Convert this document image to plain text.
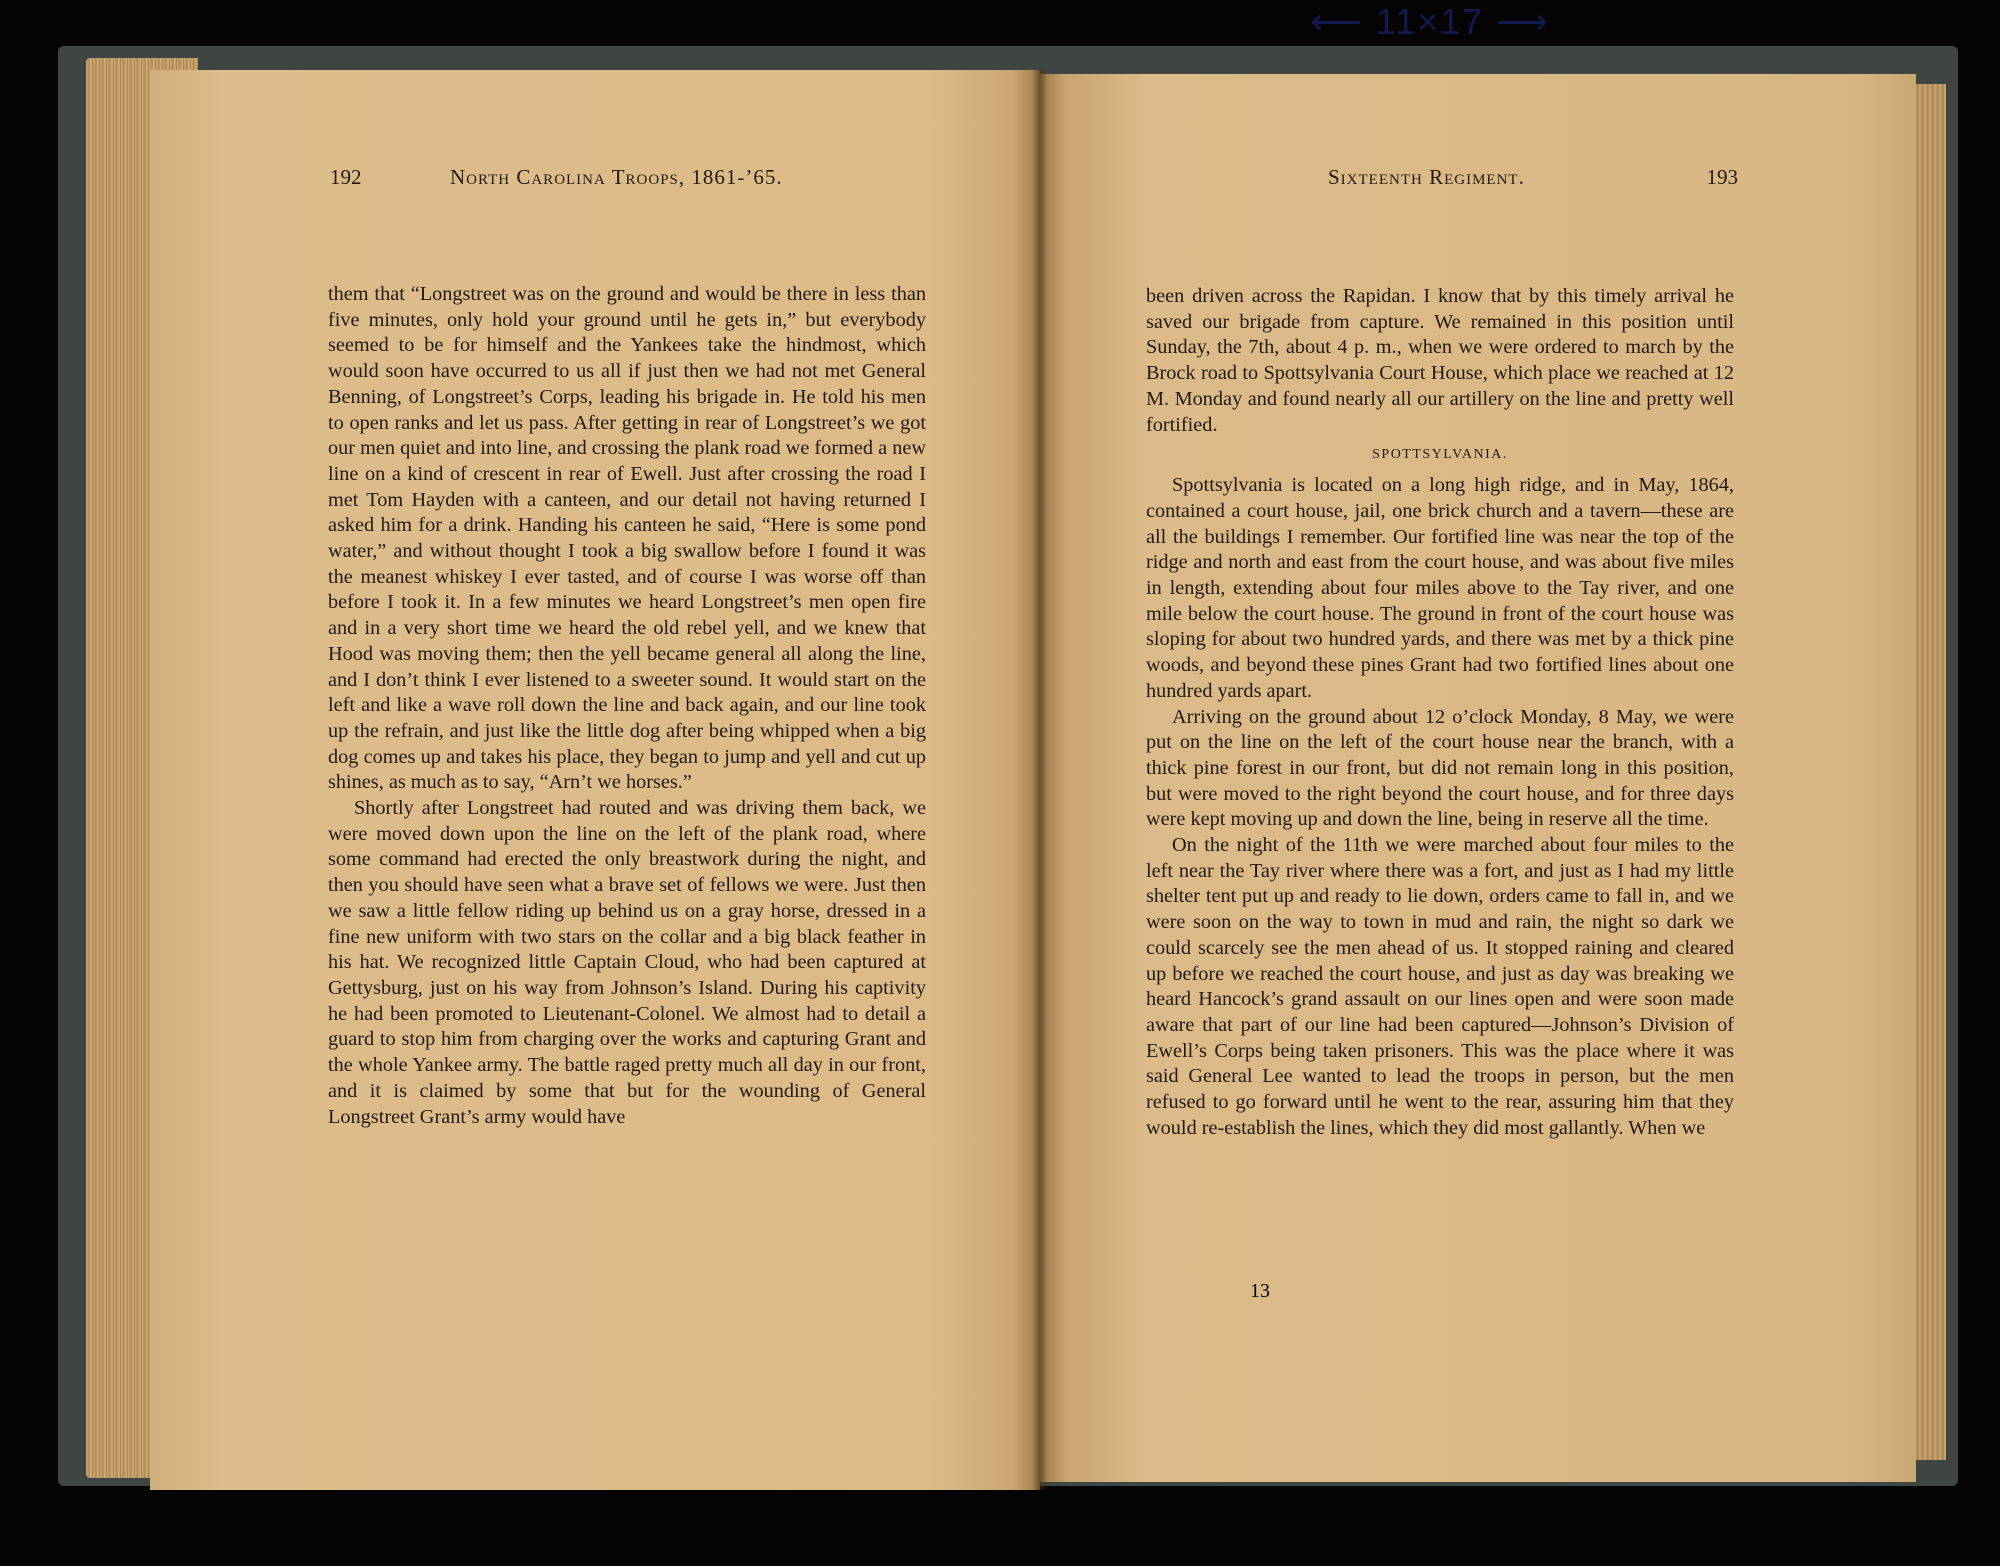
⟵ 11×17 ⟶
192	North Carolina Troops, 1861-’65.

them that “Longstreet was on the ground and would be there in less than five minutes, only hold your ground until he gets in,” but everybody seemed to be for himself and the Yankees take the hindmost, which would soon have occurred to us all if just then we had not met General Benning, of Longstreet’s Corps, leading his brigade in. He told his men to open ranks and let us pass. After getting in rear of Longstreet’s we got our men quiet and into line, and crossing the plank road we formed a new line on a kind of crescent in rear of Ewell. Just after crossing the road I met Tom Hayden with a canteen, and our detail not having returned I asked him for a drink. Handing his canteen he said, “Here is some pond water,” and without thought I took a big swallow before I found it was the meanest whiskey I ever tasted, and of course I was worse off than before I took it. In a few minutes we heard Longstreet’s men open fire and in a very short time we heard the old rebel yell, and we knew that Hood was moving them; then the yell became general all along the line, and I don’t think I ever listened to a sweeter sound. It would start on the left and like a wave roll down the line and back again, and our line took up the refrain, and just like the little dog after being whipped when a big dog comes up and takes his place, they began to jump and yell and cut up shines, as much as to say, “Arn’t we horses.”

Shortly after Longstreet had routed and was driving them back, we were moved down upon the line on the left of the plank road, where some command had erected the only breastwork during the night, and then you should have seen what a brave set of fellows we were. Just then we saw a little fellow riding up behind us on a gray horse, dressed in a fine new uniform with two stars on the collar and a big black feather in his hat. We recognized little Captain Cloud, who had been captured at Gettysburg, just on his way from Johnson’s Island. During his captivity he had been promoted to Lieutenant-Colonel. We almost had to detail a guard to stop him from charging over the works and capturing Grant and the whole Yankee army. The battle raged pretty much all day in our front, and it is claimed by some that but for the wounding of General Longstreet Grant’s army would have

Sixteenth Regiment.	193

been driven across the Rapidan. I know that by this timely arrival he saved our brigade from capture. We remained in this position until Sunday, the 7th, about 4 p. m., when we were ordered to march by the Brock road to Spottsylvania Court House, which place we reached at 12 M. Monday and found nearly all our artillery on the line and pretty well fortified.

SPOTTSYLVANIA.

Spottsylvania is located on a long high ridge, and in May, 1864, contained a court house, jail, one brick church and a tavern—these are all the buildings I remember. Our fortified line was near the top of the ridge and north and east from the court house, and was about five miles in length, extending about four miles above to the Tay river, and one mile below the court house. The ground in front of the court house was sloping for about two hundred yards, and there was met by a thick pine woods, and beyond these pines Grant had two fortified lines about one hundred yards apart.

Arriving on the ground about 12 o’clock Monday, 8 May, we were put on the line on the left of the court house near the branch, with a thick pine forest in our front, but did not remain long in this position, but were moved to the right beyond the court house, and for three days were kept moving up and down the line, being in reserve all the time.

On the night of the 11th we were marched about four miles to the left near the Tay river where there was a fort, and just as I had my little shelter tent put up and ready to lie down, orders came to fall in, and we were soon on the way to town in mud and rain, the night so dark we could scarcely see the men ahead of us. It stopped raining and cleared up before we reached the court house, and just as day was breaking we heard Hancock’s grand assault on our lines open and were soon made aware that part of our line had been captured—Johnson’s Division of Ewell’s Corps being taken prisoners. This was the place where it was said General Lee wanted to lead the troops in person, but the men refused to go forward until he went to the rear, assuring him that they would re-establish the lines, which they did most gallantly. When we

13
